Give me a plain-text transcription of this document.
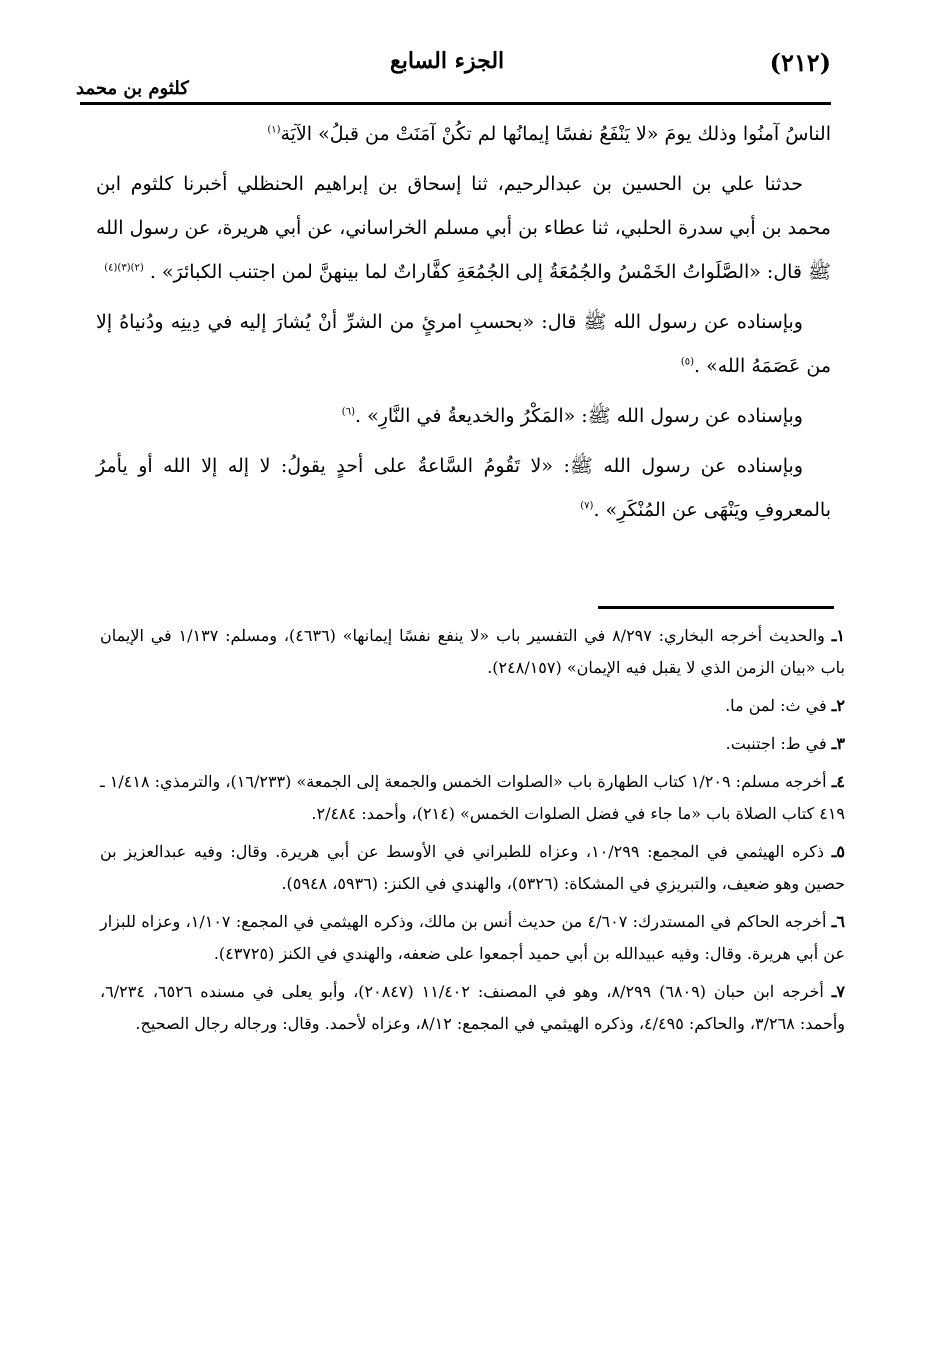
(٢١٢)
الجزء السابع
كلثوم بن محمد

الناسُ آمنُوا وذلك يومَ «لا يَنْفَعُ نفسًا إيمانُها لم تكُنْ آمَنَتْ من قبلُ» الآيَة$^{(١)}$

حدثنا علي بن الحسين بن عبدالرحيم، ثنا إسحاق بن إبراهيم الحنظلي أخبرنا كلثوم ابن محمد بن أبي سدرة الحلبي، ثنا عطاء بن أبي مسلم الخراساني، عن أبي هريرة، عن رسول الله ﷺ قال: «الصَّلَواتُ الخَمْسُ والجُمُعَةُ إلى الجُمُعَةِ كفَّاراتٌ لما بينهنَّ لمن اجتنب الكبائرَ» . $^{(٢)(٣)(٤)}$

وبإسناده عن رسول الله ﷺ قال: «بحسبِ امرئٍ من الشرِّ أنْ يُشارَ إليه في دِينِه ودُنياهُ إلا من عَصَمَهُ الله» .$^{(٥)}$

وبإسناده عن رسول الله ﷺ: «المَكْرُ والخديعةُ في النَّارِ» .$^{(٦)}$

وبإسناده عن رسول الله ﷺ: «لا تَقُومُ السَّاعةُ على أحدٍ يقولُ: لا إله إلا الله أو يأمرُ بالمعروفِ ويَنْهَى عن المُنْكَرِ» .$^{(٧)}$

١ـ والحديث أخرجه البخاري: ٨/٢٩٧ في التفسير باب «لا ينفع نفسًا إيمانها» (٤٦٣٦)، ومسلم: ١/١٣٧ في الإيمان باب «بيان الزمن الذي لا يقبل فيه الإيمان» (٢٤٨/١٥٧).

٢ـ في ث: لمن ما.

٣ـ في ط: اجتنبت.

٤ـ أخرجه مسلم: ١/٢٠٩ كتاب الطهارة باب «الصلوات الخمس والجمعة إلى الجمعة» (١٦/٢٣٣)، والترمذي: ١/٤١٨ ـ ٤١٩ كتاب الصلاة باب «ما جاء في فضل الصلوات الخمس» (٢١٤)، وأحمد: ٢/٤٨٤.

٥ـ ذكره الهيثمي في المجمع: ١٠/٢٩٩، وعزاه للطبراني في الأوسط عن أبي هريرة. وقال: وفيه عبدالعزيز بن حصين وهو ضعيف، والتبريزي في المشكاة: (٥٣٢٦)، والهندي في الكنز: (٥٩٣٦، ٥٩٤٨).

٦ـ أخرجه الحاكم في المستدرك: ٤/٦٠٧ من حديث أنس بن مالك، وذكره الهيثمي في المجمع: ١/١٠٧، وعزاه للبزار عن أبي هريرة. وقال: وفيه عبيدالله بن أبي حميد أجمعوا على ضعفه، والهندي في الكنز (٤٣٧٢٥).

٧ـ أخرجه ابن حبان (٦٨٠٩) ٨/٢٩٩، وهو في المصنف: ١١/٤٠٢ (٢٠٨٤٧)، وأبو يعلى في مسنده ٦٥٢٦، ٦/٢٣٤، وأحمد: ٣/٢٦٨، والحاكم: ٤/٤٩٥، وذكره الهيثمي في المجمع: ٨/١٢، وعزاه لأحمد. وقال: ورجاله رجال الصحيح.
